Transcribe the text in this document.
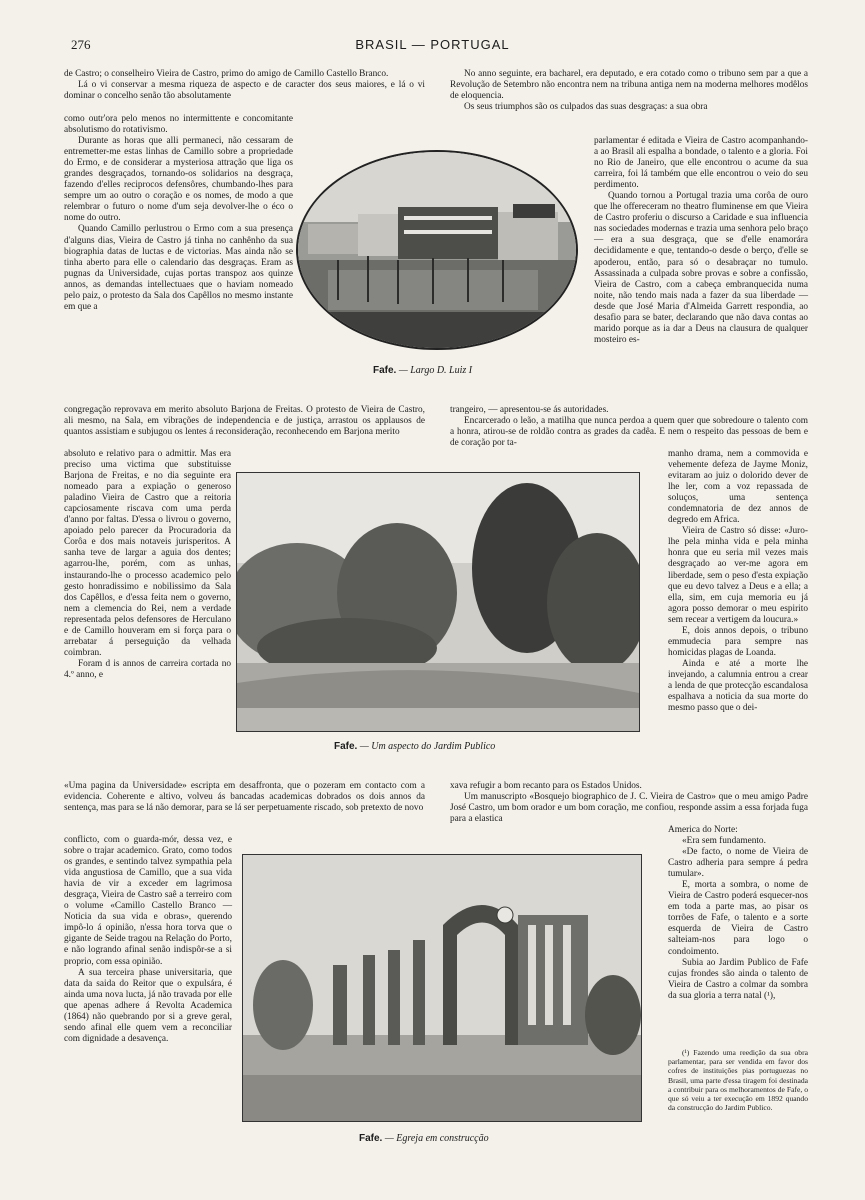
276	BRASIL — PORTUGAL

de Castro; o conselheiro Vieira de Castro, primo do amigo de Camillo Castello Branco.

Lá o vi conservar a mesma riqueza de aspecto e de caracter dos seus maiores, e lá o vi dominar o concelho senão tão absolutamente

como outr'ora pelo menos no intermittente e concomitante absolutismo do rotativismo.

Durante as horas que alli permaneci, não cessaram de entremetter-me estas linhas de Camillo sobre a propriedade do Ermo, e de considerar a mysteriosa attração que liga os grandes desgraçados, tornando-os solidarios na desgraça, fazendo d'elles reciprocos defensôres, chumbando-lhes para sempre um ao outro o coração e os nomes, de modo a que relembrar o futuro o nome d'um seja devolver-lhe o éco o nome do outro.

Quando Camillo perlustrou o Ermo com a sua presença d'alguns dias, Vieira de Castro já tinha no canhênho da sua biographia datas de luctas e de victorias. Mas ainda não se tinha aberto para elle o calendario das desgraças. Eram as pugnas da Universidade, cujas portas transpoz aos quinze annos, as demandas intellectuaes que o haviam nomeado pelo paiz, o protesto da Sala dos Capêllos no mesmo instante em que a

No anno seguinte, era bacharel, era deputado, e era cotado como o tribuno sem par a que a Revolução de Setembro não encontra nem na tribuna antiga nem na moderna melhores modêlos de eloquencia.

Os seus triumphos são os culpados das suas desgraças: a sua obra

parlamentar é editada e Vieira de Castro acompanhando-a ao Brasil ali espalha a bondade, o talento e a gloria. Foi no Rio de Janeiro, que elle encontrou o acume da sua carreira, foi lá também que elle encontrou o veio do seu perdimento.

Quando tornou a Portugal trazia uma corôa de ouro que lhe offereceram no theatro fluminense em que Vieira de Castro proferiu o discurso a Caridade e sua influencia nas sociedades modernas e trazia uma senhora pelo braço — era a sua desgraça, que se d'elle enamorára decididamente e que, tentando-o desde o berço, d'elle se apoderou, então, para só o desabraçar no tumulo. Assassinada a culpada sobre provas e sobre a confissão, Vieira de Castro, com a cabeça embranquecida numa noite, não tendo mais nada a fazer da sua liberdade — desde que José Maria d'Almeida Garrett respondia, ao desafio para se bater, declarando que não dava contas ao marido porque as ia dar a Deus na clausura de qualquer mosteiro es-

Fafe. — Largo D. Luiz I

congregação reprovava em merito absoluto Barjona de Freitas. O protesto de Vieira de Castro, ali mesmo, na Sala, em vibrações de independencia e de justiça, arrastou os applausos de quantos assistiam e subjugou os lentes á reconsideração, reconhecendo em Barjona merito

trangeiro, — apresentou-se ás autoridades.

Encarcerado o leão, a matilha que nunca perdoa a quem quer que sobredoure o talento com a honra, atirou-se de roldão contra as grades da cadêa. E nem o respeito das pessoas de bem e de coração por ta-

absoluto e relativo para o admittir. Mas era preciso uma victima que substituisse Barjona de Freitas, e no dia seguinte era nomeado para a expiação o generoso paladino Vieira de Castro que a reitoria capciosamente riscava com uma perda d'anno por faltas. D'essa o livrou o governo, apoiado pelo parecer da Procuradoria da Corôa e dos mais notaveis jurisperitos. A sanha teve de largar a aguia dos dentes; agarrou-lhe, porém, com as unhas, instaurando-lhe o processo academico pelo gesto honradissimo e nobilissimo da Sala dos Capêllos, e d'essa feita nem o governo, nem a clemencia do Rei, nem a verdade representada pelos defensores de Herculano e de Camillo houveram em si força para o arrebatar á perseguição da velhada coimbran.

Foram d is annos de carreira cortada no 4.º anno, e

Fafe. — Um aspecto do Jardim Publico

manho drama, nem a commovida e vehemente defeza de Jayme Moniz, evitaram ao juiz o dolorido dever de lhe ler, com a voz repassada de soluços, uma sentença condemnatoria de dez annos de degredo em Africa.

Vieira de Castro só disse: «Juro-lhe pela minha vida e pela minha honra que eu seria mil vezes mais desgraçado ao ver-me agora em liberdade, sem o peso d'esta expiação que eu devo talvez a Deus e a ella; a ella, sim, em cuja memoria eu já agora posso demorar o meu espirito sem recear a vertigem da loucura.»

E, dois annos depois, o tribuno emmudecia para sempre nas homicidas plagas de Loanda.

Ainda e até a morte lhe invejando, a calumnia entrou a crear a lenda de que protecção escandalosa espalhava a noticia da sua morte do mesmo passo que o dei-

«Uma pagina da Universidade» escripta em desaffronta, que o pozeram em contacto com a evidencia. Coherente e altivo, volveu ás bancadas academicas dobrados os dois annos da sentença, mas para se lá não demorar, para se lá ser perpetuamente riscado, sob pretexto de novo

xava refugir a bom recanto para os Estados Unidos.

Um manuscripto «Bosquejo biographico de J. C. Vieira de Castro» que o meu amigo Padre José Castro, um bom orador e um bom coração, me confiou, responde assim a essa forjada fuga para a elastica

conflicto, com o guarda-mór, dessa vez, e sobre o trajar academico. Grato, como todos os grandes, e sentindo talvez sympathia pela vida angustiosa de Camillo, que a sua vida havia de vir a exceder em lagrimosa desgraça, Vieira de Castro saê a terreiro com o volume «Camillo Castello Branco — Noticia da sua vida e obras», querendo impô-lo á opinião, n'essa hora torva que o gigante de Seide tragou na Relação do Porto, e não logrando afinal senão indispôr-se a si proprio, com essa opinião.

A sua terceira phase universitaria, que data da saida do Reitor que o expulsára, é ainda uma nova lucta, já não travada por elle que apenas adhere á Revolta Academica (1864) não quebrando por si a greve geral, sendo afinal elle quem vem a reconciliar com dignidade a desavença.

Fafe. — Egreja em construcção

America do Norte:

«Era sem fundamento.

«De facto, o nome de Vieira de Castro adheria para sempre á pedra tumular».

E, morta a sombra, o nome de Vieira de Castro poderá esquecer-nos em toda a parte mas, ao pisar os torrões de Fafe, o talento e a sorte esquerda de Vieira de Castro salteiam-nos para logo o condoimento.

Subia ao Jardim Publico de Fafe cujas frondes são ainda o talento de Vieira de Castro a colmar da sombra da sua gloria a terra natal (¹),

(¹) Fazendo uma reedição da sua obra parlamentar, para ser vendida em favor dos cofres de instituições pias portuguezas no Brasil, uma parte d'essa tiragem foi destinada a contribuir para os melhoramentos de Fafe, o que só veiu a ter execução em 1892 quando da construcção do Jardim Publico.
